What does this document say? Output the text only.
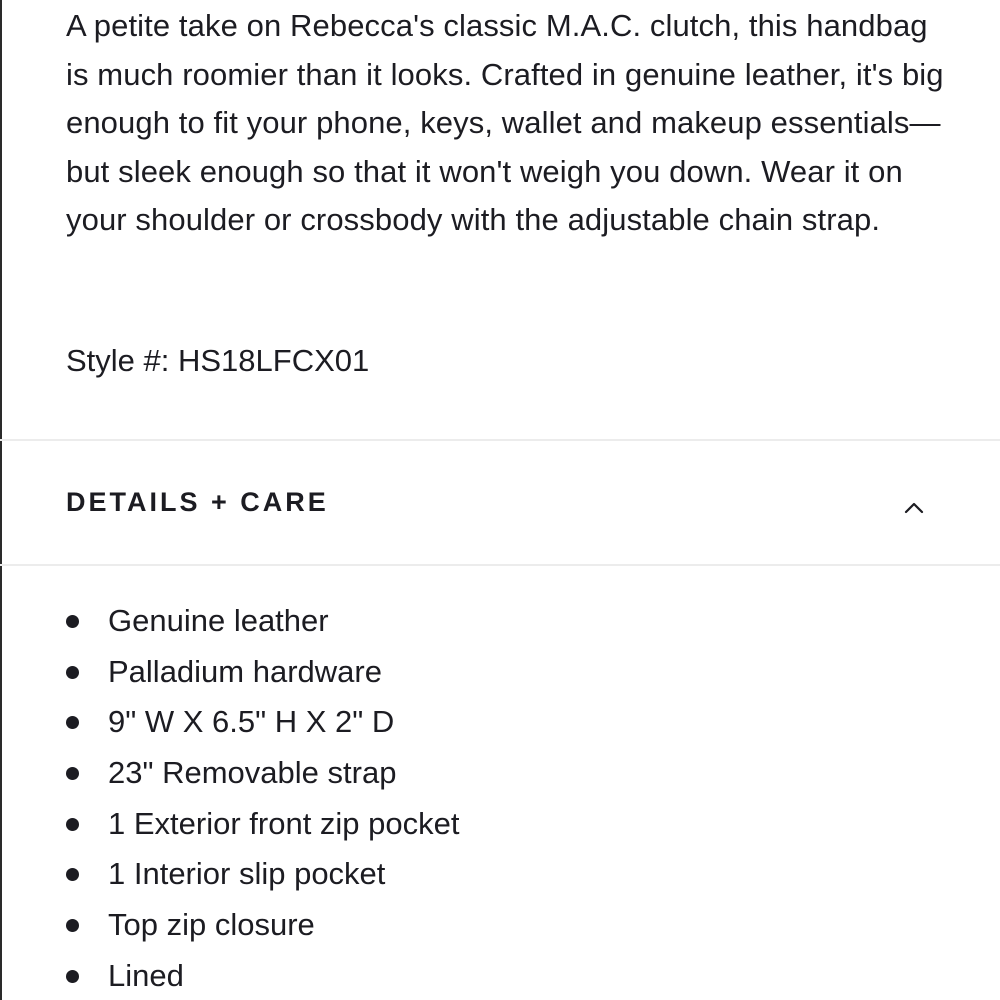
A petite take on Rebecca's classic M.A.C. clutch, this handbag is much roomier than it looks. Crafted in genuine leather, it's big enough to fit your phone, keys, wallet and makeup essentials—but sleek enough so that it won't weigh you down. Wear it on your shoulder or crossbody with the adjustable chain strap.

Style #: HS18LFCX01

DETAILS + CARE
Genuine leather
Palladium hardware
9" W X 6.5" H X 2" D
23" Removable strap
1 Exterior front zip pocket
1 Interior slip pocket
Top zip closure
Lined
